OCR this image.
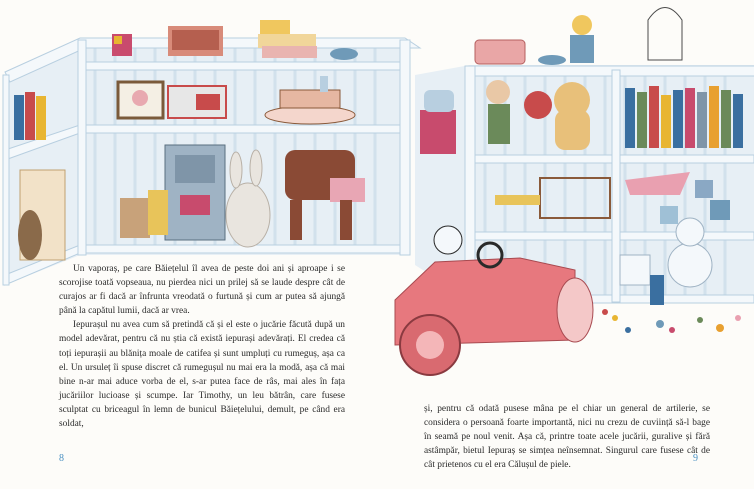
Un vaporaș, pe care Băiețelul îl avea de peste doi ani și aproape i se scorojise toată vopseaua, nu pierdea nici un prilej să se laude despre cât de curajos ar fi dacă ar înfrunta vreodată o furtună și cum ar putea să ajungă până la capătul lumii, dacă ar vrea.

Iepurașul nu avea cum să pretindă că și el este o jucărie făcută după un model adevărat, pentru că nu știa că există iepurași adevărați. El credea că toți iepurașii au blănița moale de catifea și sunt umpluți cu rumeguș, așa ca el. Un ursuleț îi spuse discret că rumegușul nu mai era la modă, așa că mai bine n-ar mai aduce vorba de el, s-ar putea face de râs, mai ales în fața jucăriilor lucioase și scumpe. Iar Timothy, un leu bătrân, care fusese sculptat cu briceagul în lemn de bunicul Băiețelului, demult, pe când era soldat,

și, pentru că odată pusese mâna pe el chiar un general de artilerie, se considera o persoană foarte importantă, nici nu crezu de cuviință să-l bage în seamă pe noul venit. Așa că, printre toate acele jucării, guralive și fără astâmpăr, bietul Iepuraș se simțea neînsemnat. Singurul care fusese cât de cât prietenos cu el era Călușul de piele.

8	9
